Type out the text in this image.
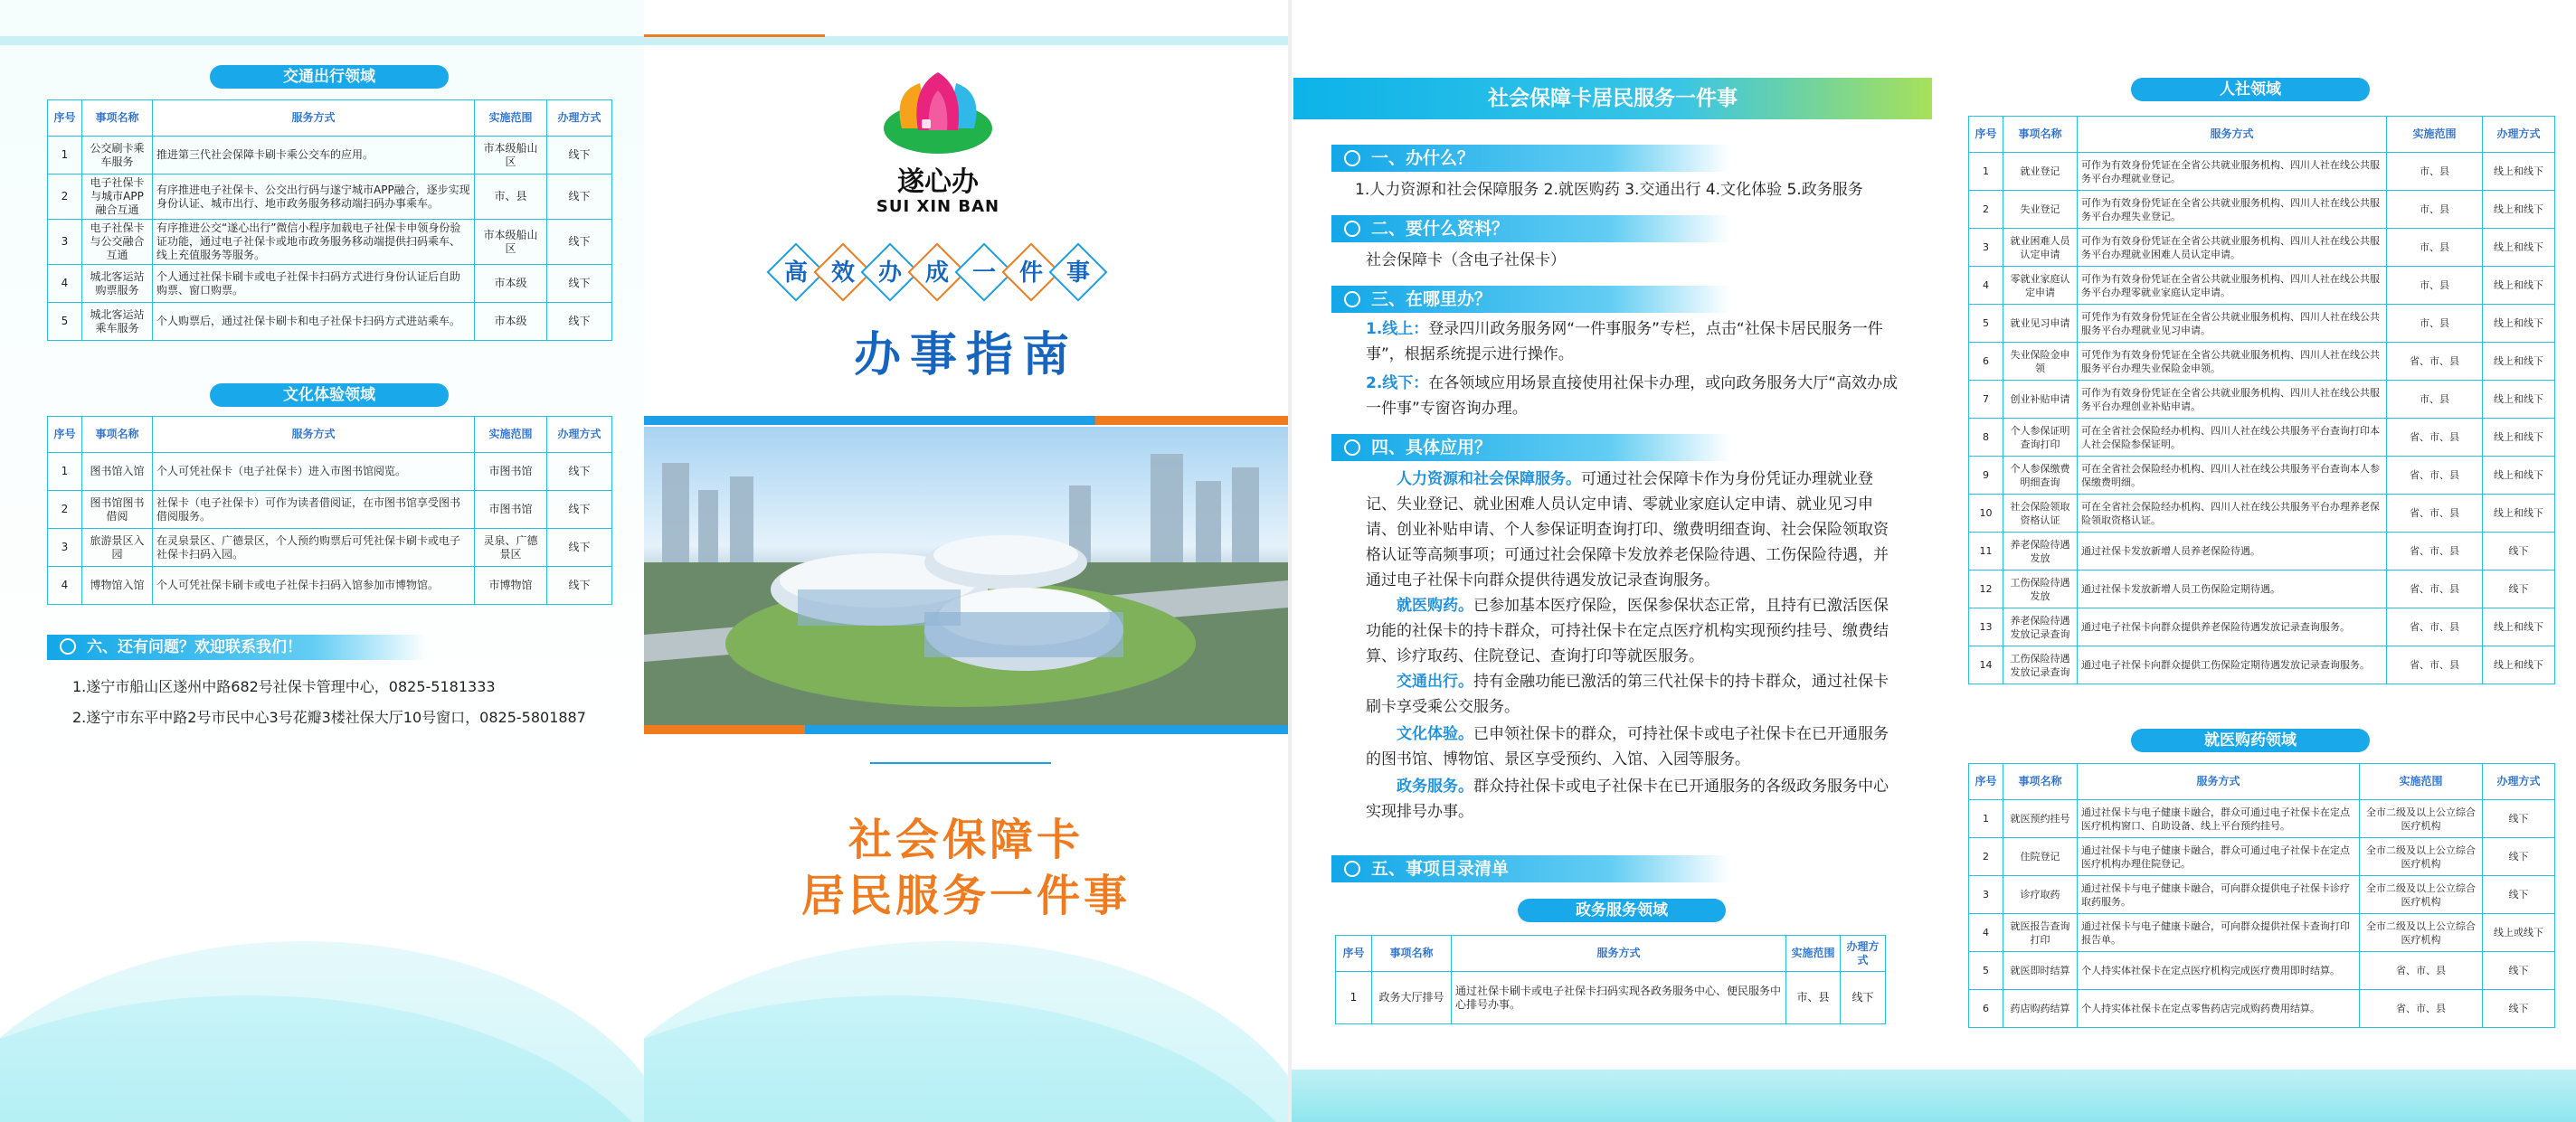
交通出行领域
序号	事项名称	服务方式	实施范围	办理方式
1	公交刷卡乘车服务	推进第三代社会保障卡刷卡乘公交车的应用。	市本级船山区	线下
2	电子社保卡与城市APP融合互通	有序推进电子社保卡、公交出行码与遂宁城市APP融合，逐步实现身份认证、城市出行、地市政务服务移动端扫码办事乘车。	市、县	线下
3	电子社保卡与公交融合互通	有序推进公交“遂心出行”微信小程序加载电子社保卡申领身份验证功能，通过电子社保卡或地市政务服务移动端提供扫码乘车、线上充值服务等服务。	市本级船山区	线下
4	城北客运站购票服务	个人通过社保卡刷卡或电子社保卡扫码方式进行身份认证后自助购票、窗口购票。	市本级	线下
5	城北客运站乘车服务	个人购票后，通过社保卡刷卡和电子社保卡扫码方式进站乘车。	市本级	线下
文化体验领域
序号	事项名称	服务方式	实施范围	办理方式
1	图书馆入馆	个人可凭社保卡（电子社保卡）进入市图书馆阅览。	市图书馆	线下
2	图书馆图书借阅	社保卡（电子社保卡）可作为读者借阅证，在市图书馆享受图书借阅服务。	市图书馆	线下
3	旅游景区入园	在灵泉景区、广德景区，个人预约购票后可凭社保卡刷卡或电子社保卡扫码入园。	灵泉、广德景区	线下
4	博物馆入馆	个人可凭社保卡刷卡或电子社保卡扫码入馆参加市博物馆。	市博物馆	线下
六、还有问题？欢迎联系我们！
1.遂宁市船山区遂州中路682号社保卡管理中心，0825-5181333
2.遂宁市东平中路2号市民中心3号花瓣3楼社保大厅10号窗口，0825-5801887
遂心办
SUI XIN BAN
高 效 办 成 一 件 事
办事指南
社会保障卡
居民服务一件事
社会保障卡居民服务一件事
一、办什么？
1.人力资源和社会保障服务 2.就医购药 3.交通出行 4.文化体验 5.政务服务
二、要什么资料？
社会保障卡（含电子社保卡）
三、在哪里办？
1.线上：登录四川政务服务网“一件事服务”专栏，点击“社保卡居民服务一件事”，根据系统提示进行操作。
2.线下：在各领域应用场景直接使用社保卡办理，或向政务服务大厅“高效办成一件事”专窗咨询办理。
四、具体应用？
人力资源和社会保障服务。可通过社会保障卡作为身份凭证办理就业登记、失业登记、就业困难人员认定申请、零就业家庭认定申请、就业见习申请、创业补贴申请、个人参保证明查询打印、缴费明细查询、社会保险领取资格认证等高频事项；可通过社会保障卡发放养老保险待遇、工伤保险待遇，并通过电子社保卡向群众提供待遇发放记录查询服务。
就医购药。已参加基本医疗保险，医保参保状态正常，且持有已激活医保功能的社保卡的持卡群众，可持社保卡在定点医疗机构实现预约挂号、缴费结算、诊疗取药、住院登记、查询打印等就医服务。
交通出行。持有金融功能已激活的第三代社保卡的持卡群众，通过社保卡刷卡享受乘公交服务。
文化体验。已申领社保卡的群众，可持社保卡或电子社保卡在已开通服务的图书馆、博物馆、景区享受预约、入馆、入园等服务。
政务服务。群众持社保卡或电子社保卡在已开通服务的各级政务服务中心实现排号办事。
五、事项目录清单
政务服务领域
序号	事项名称	服务方式	实施范围	办理方式
1	政务大厅排号	通过社保卡刷卡或电子社保卡扫码实现各政务服务中心、便民服务中心排号办事。	市、县	线下
人社领域
序号	事项名称	服务方式	实施范围	办理方式
1	就业登记	可作为有效身份凭证在全省公共就业服务机构、四川人社在线公共服务平台办理就业登记。	市、县	线上和线下
2	失业登记	可作为有效身份凭证在全省公共就业服务机构、四川人社在线公共服务平台办理失业登记。	市、县	线上和线下
3	就业困难人员认定申请	可作为有效身份凭证在全省公共就业服务机构、四川人社在线公共服务平台办理就业困难人员认定申请。	市、县	线上和线下
4	零就业家庭认定申请	可作为有效身份凭证在全省公共就业服务机构、四川人社在线公共服务平台办理零就业家庭认定申请。	市、县	线上和线下
5	就业见习申请	可凭作为有效身份凭证在全省公共就业服务机构、四川人社在线公共服务平台办理就业见习申请。	市、县	线上和线下
6	失业保险金申领	可凭作为有效身份凭证在全省公共就业服务机构、四川人社在线公共服务平台办理失业保险金申领。	省、市、县	线上和线下
7	创业补贴申请	可作为有效身份凭证在全省公共就业服务机构、四川人社在线公共服务平台办理创业补贴申请。	市、县	线上和线下
8	个人参保证明查询打印	可在全省社会保险经办机构、四川人社在线公共服务平台查询打印本人社会保险参保证明。	省、市、县	线上和线下
9	个人参保缴费明细查询	可在全省社会保险经办机构、四川人社在线公共服务平台查询本人参保缴费明细。	省、市、县	线上和线下
10	社会保险领取资格认证	可在全省社会保险经办机构、四川人社在线公共服务平台办理养老保险领取资格认证。	省、市、县	线上和线下
11	养老保险待遇发放	通过社保卡发放新增人员养老保险待遇。	省、市、县	线下
12	工伤保险待遇发放	通过社保卡发放新增人员工伤保险定期待遇。	省、市、县	线下
13	养老保险待遇发放记录查询	通过电子社保卡向群众提供养老保险待遇发放记录查询服务。	省、市、县	线上和线下
14	工伤保险待遇发放记录查询	通过电子社保卡向群众提供工伤保险定期待遇发放记录查询服务。	省、市、县	线上和线下
就医购药领域
序号	事项名称	服务方式	实施范围	办理方式
1	就医预约挂号	通过社保卡与电子健康卡融合，群众可通过电子社保卡在定点医疗机构窗口、自助设备、线上平台预约挂号。	全市二级及以上公立综合医疗机构	线下
2	住院登记	通过社保卡与电子健康卡融合，群众可通过电子社保卡在定点医疗机构办理住院登记。	全市二级及以上公立综合医疗机构	线下
3	诊疗取药	通过社保卡与电子健康卡融合，可向群众提供电子社保卡诊疗取药服务。	全市二级及以上公立综合医疗机构	线下
4	就医报告查询打印	通过社保卡与电子健康卡融合，可向群众提供社保卡查询打印报告单。	全市二级及以上公立综合医疗机构	线上或线下
5	就医即时结算	个人持实体社保卡在定点医疗机构完成医疗费用即时结算。	省、市、县	线下
6	药店购药结算	个人持实体社保卡在定点零售药店完成购药费用结算。	省、市、县	线下
